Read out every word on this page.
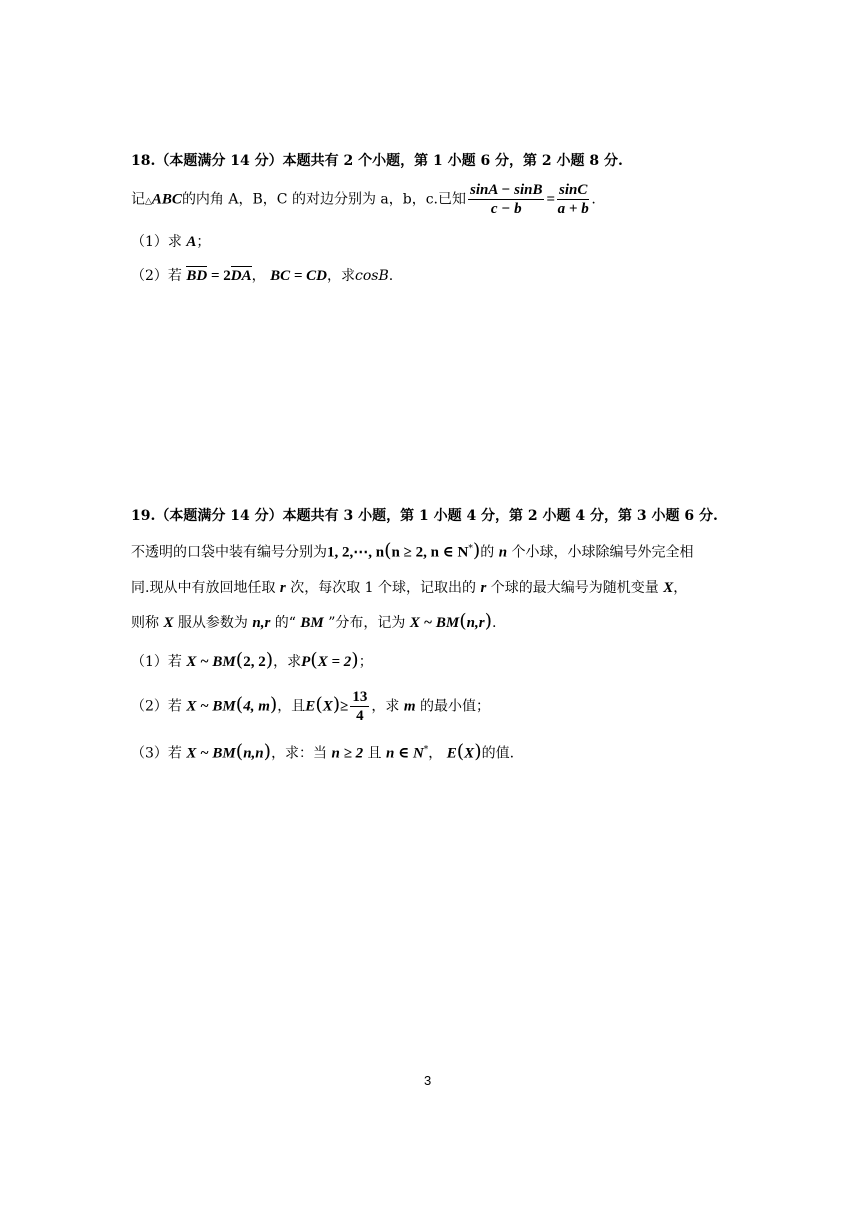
18.（本题满分 14 分）本题共有 2 个小题，第 1 小题 6 分，第 2 小题 8 分.
记△ABC的内角 A，B，C 的对边分别为 a，b，c.已知 $\frac{\sin A - \sin B}{c - b} = \frac{\sin C}{a + b}$ .
（1）求 A；
（2）若 BD = 2DA， BC = CD，求cosB.
19.（本题满分 14 分）本题共有 3 小题，第 1 小题 4 分，第 2 小题 4 分，第 3 小题 6 分.
不透明的口袋中装有编号分别为1, 2,⋯, n(n ≥ 2, n ∈ N*)的 n 个小球，小球除编号外完全相
同.现从中有放回地任取 r 次，每次取 1 个球，记取出的 r 个球的最大编号为随机变量 X，
则称 X 服从参数为 n,r 的“ BM ”分布，记为 X ~ BM(n,r).
（1）若 X ~ BM(2, 2)，求P(X = 2)；
（2）若 X ~ BM(4, m)，且$E(X)\ge \frac{13}{4}$ ，求 m 的最小值；
（3）若 X ~ BM(n,n)，求：当 n ≥ 2 且 n ∈ N*， E(X)的值.
3
